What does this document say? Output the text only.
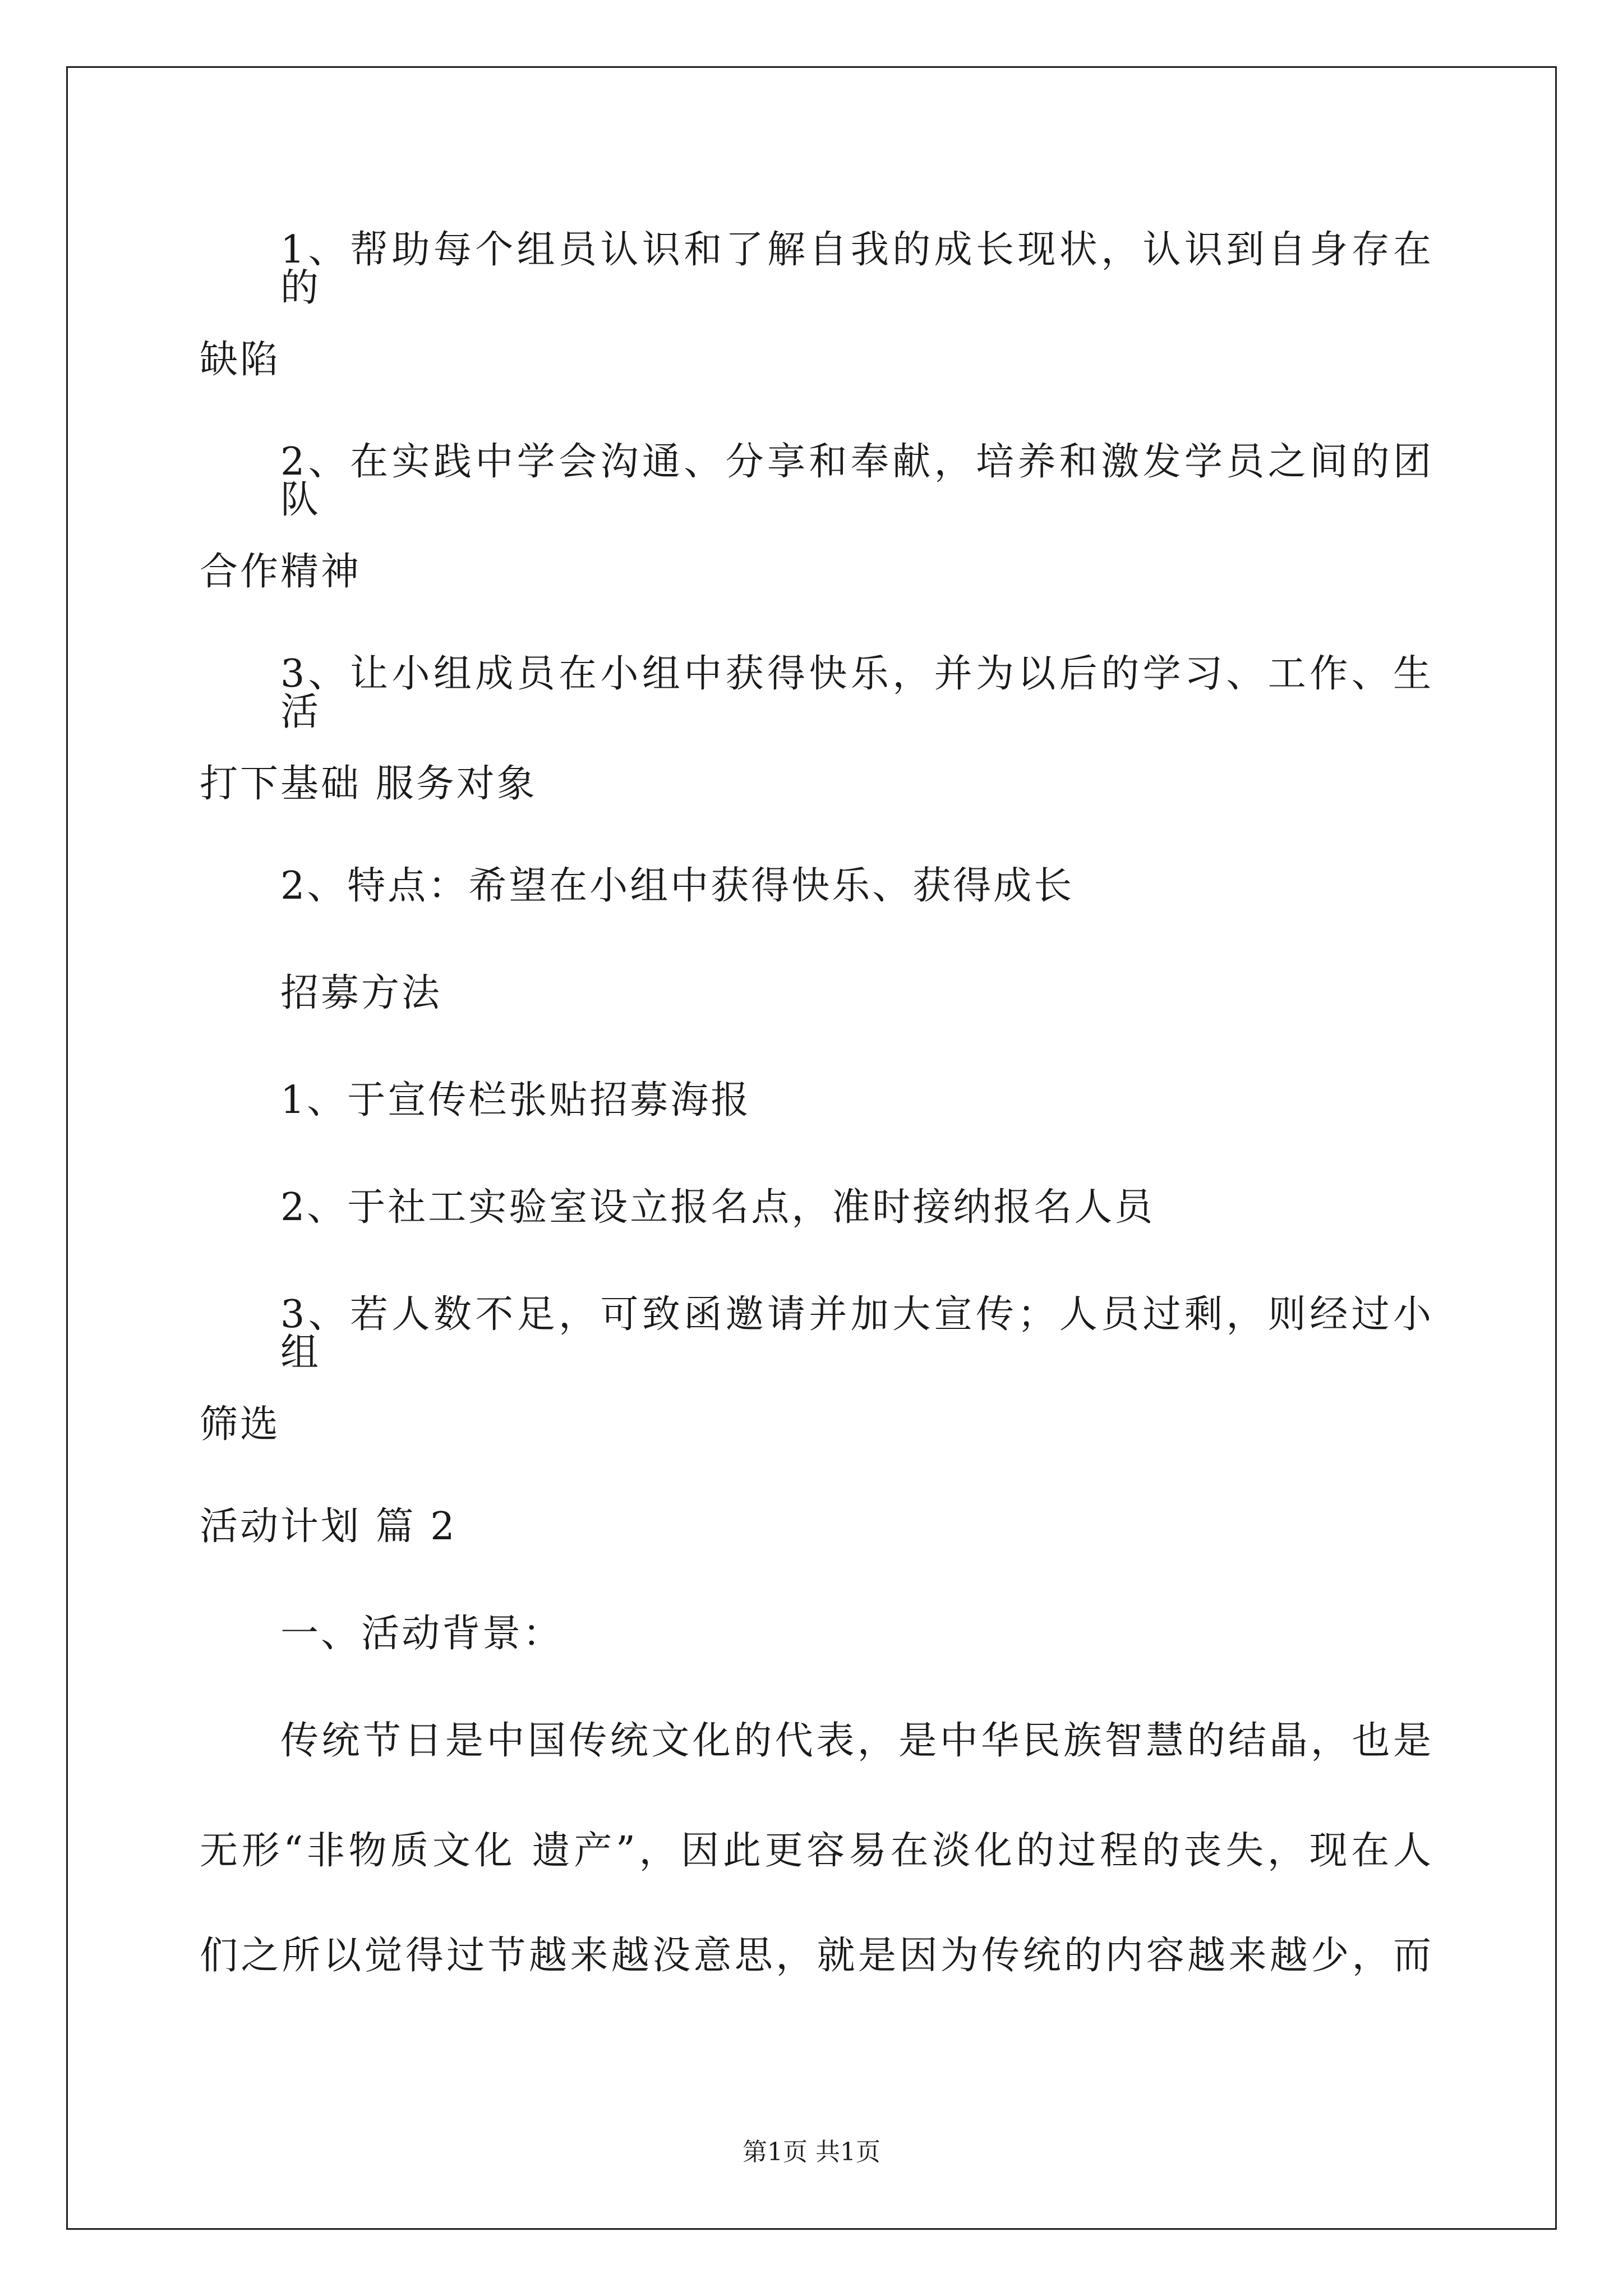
1、帮助每个组员认识和了解自我的成长现状，认识到自身存在的
缺陷
2、在实践中学会沟通、分享和奉献，培养和激发学员之间的团队
合作精神
3、让小组成员在小组中获得快乐，并为以后的学习、工作、生活
打下基础 服务对象
2、特点：希望在小组中获得快乐、获得成长
招募方法
1、于宣传栏张贴招募海报
2、于社工实验室设立报名点，准时接纳报名人员
3、若人数不足，可致函邀请并加大宣传；人员过剩，则经过小组
筛选
活动计划 篇 2
一、活动背景：
传统节日是中国传统文化的代表，是中华民族智慧的结晶，也是
无形“非物质文化 遗产”，因此更容易在淡化的过程的丧失，现在人
们之所以觉得过节越来越没意思，就是因为传统的内容越来越少，而
第1页 共1页
